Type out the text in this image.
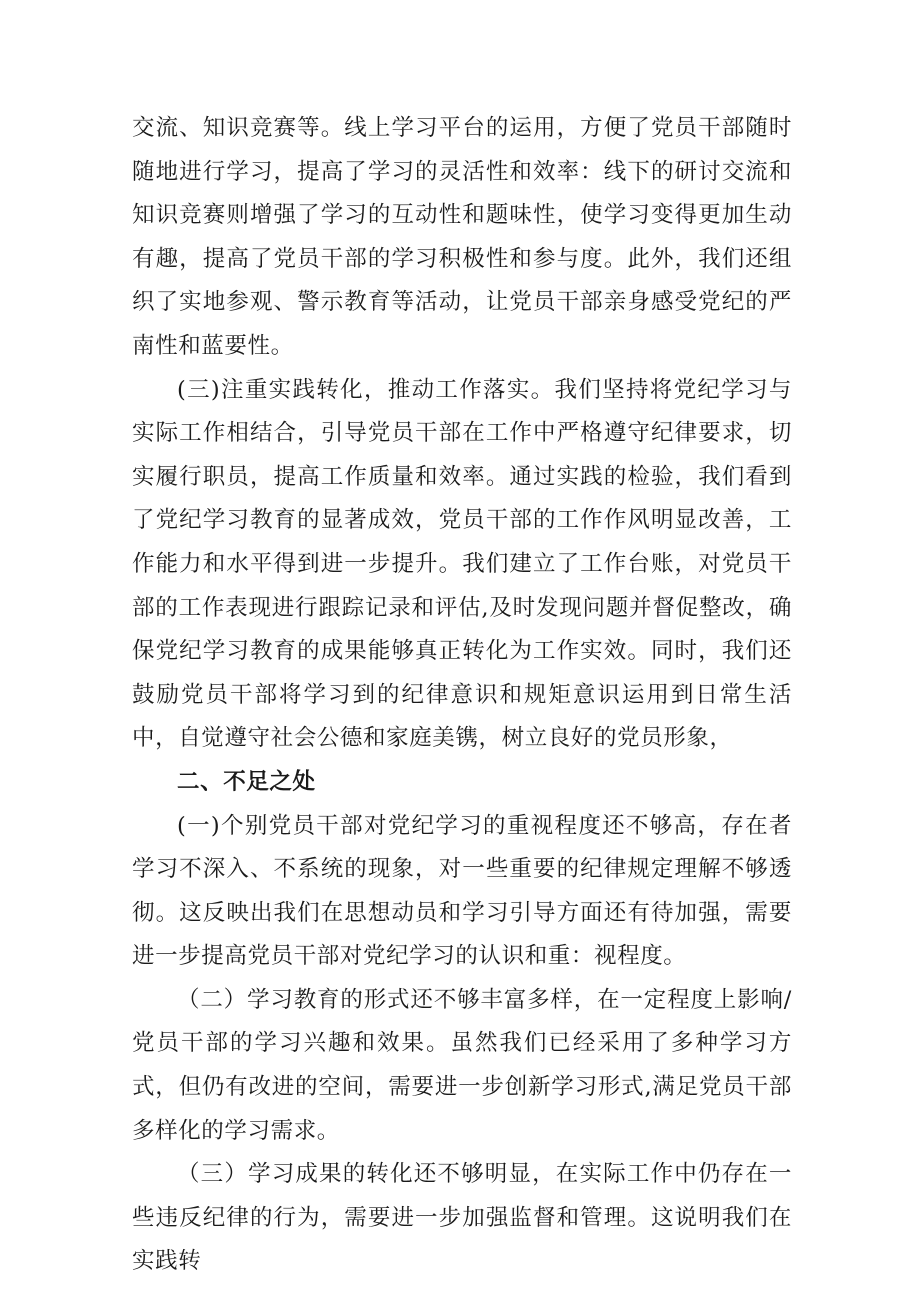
交流、知识竞赛等。线上学习平台的运用，方便了党员干部随时随地进行学习，提高了学习的灵活性和效率：线下的研讨交流和知识竞赛则增强了学习的互动性和题味性，使学习变得更加生动有趣，提高了党员干部的学习积极性和参与度。此外，我们还组织了实地参观、警示教育等活动，让党员干部亲身感受党纪的严南性和蓝要性。

(三)注重实践转化，推动工作落实。我们坚持将党纪学习与实际工作相结合，引导党员干部在工作中严格遵守纪律要求，切实履行职员，提高工作质量和效率。通过实践的检验，我们看到了党纪学习教育的显著成效，党员干部的工作作风明显改善，工作能力和水平得到进一步提升。我们建立了工作台账，对党员干部的工作表现进行跟踪记录和评估,及时发现问题并督促整改，确保党纪学习教育的成果能够真正转化为工作实效。同时，我们还鼓励党员干部将学习到的纪律意识和规矩意识运用到日常生活中，自觉遵守社会公德和家庭美镌，树立良好的党员形象，

二、不足之处

(一)个别党员干部对党纪学习的重视程度还不够高，存在者学习不深入、不系统的现象，对一些重要的纪律规定理解不够透彻。这反映出我们在思想动员和学习引导方面还有待加强，需要进一步提高党员干部对党纪学习的认识和重：视程度。

（二）学习教育的形式还不够丰富多样，在一定程度上影响/党员干部的学习兴趣和效果。虽然我们已经采用了多种学习方式，但仍有改进的空间，需要进一步创新学习形式,满足党员干部多样化的学习需求。

（三）学习成果的转化还不够明显，在实际工作中仍存在一些违反纪律的行为，需要进一步加强监督和管理。这说明我们在实践转
